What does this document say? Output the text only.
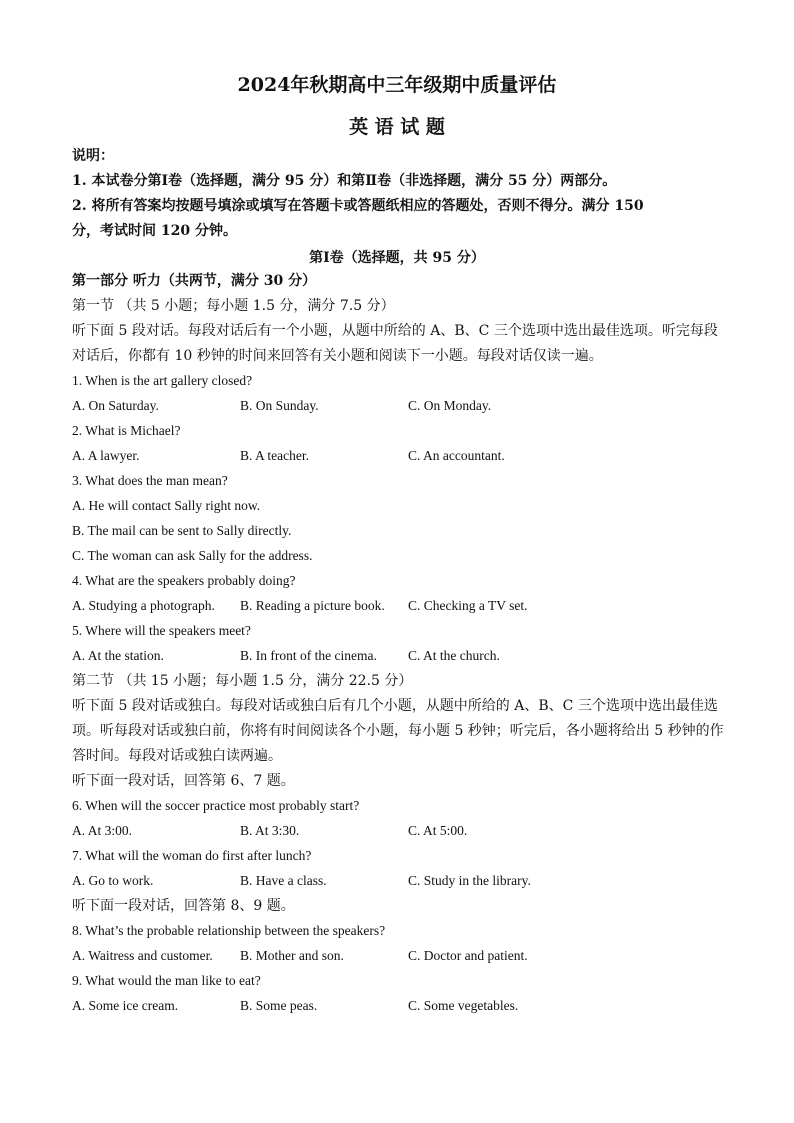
2024年秋期高中三年级期中质量评估
英 语 试 题
说明：
1. 本试卷分第Ⅰ卷（选择题，满分 95 分）和第Ⅱ卷（非选择题，满分 55 分）两部分。
2. 将所有答案均按题号填涂或填写在答题卡或答题纸相应的答题处，否则不得分。满分 150
分，考试时间 120 分钟。
第Ⅰ卷（选择题，共 95 分）
第一部分 听力（共两节，满分 30 分）
第一节 （共 5 小题；每小题 1.5 分，满分 7.5 分）
听下面 5 段对话。每段对话后有一个小题，从题中所给的 A、B、C 三个选项中选出最佳选项。听完每段
对话后，你都有 10 秒钟的时间来回答有关小题和阅读下一小题。每段对话仅读一遍。
1. When is the art gallery closed?
A. On Saturday.	B. On Sunday.	C. On Monday.
2. What is Michael?
A. A lawyer.	B. A teacher.	C. An accountant.
3. What does the man mean?
A. He will contact Sally right now.
B. The mail can be sent to Sally directly.
C. The woman can ask Sally for the address.
4. What are the speakers probably doing?
A. Studying a photograph. B. Reading a picture book. C. Checking a TV set.
5. Where will the speakers meet?
A. At the station.	B. In front of the cinema. C. At the church.
第二节 （共 15 小题；每小题 1.5 分，满分 22.5 分）
听下面 5 段对话或独白。每段对话或独白后有几个小题，从题中所给的 A、B、C 三个选项中选出最佳选
项。听每段对话或独白前，你将有时间阅读各个小题，每小题 5 秒钟；听完后，各小题将给出 5 秒钟的作
答时间。每段对话或独白读两遍。
听下面一段对话，回答第 6、7 题。
6. When will the soccer practice most probably start?
A. At 3:00.	B. At 3:30.	C. At 5:00.
7. What will the woman do first after lunch?
A. Go to work.	B. Have a class.	C. Study in the library.
听下面一段对话，回答第 8、9 题。
8. What’s the probable relationship between the speakers?
A. Waitress and customer. B. Mother and son.	C. Doctor and patient.
9. What would the man like to eat?
A. Some ice cream.	B. Some peas.	C. Some vegetables.
